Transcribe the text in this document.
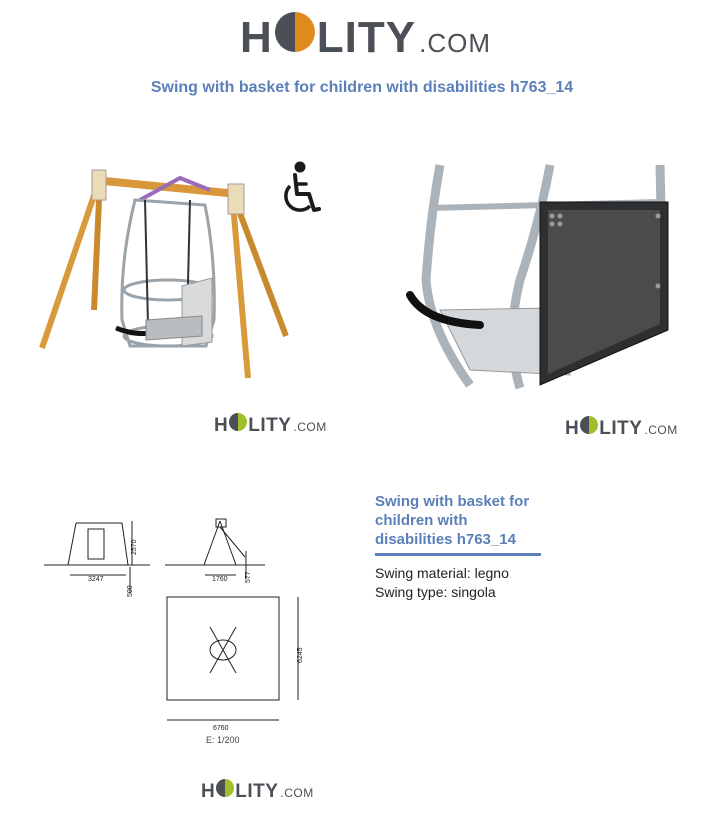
H LITY .COM
Swing with basket for children with disabilities h763_14
H LITY .COM	H LITY .COM
2570
3247
500
1760 577
6245
6760
E: 1/200
H LITY .COM
Swing with basket for children with disabilities h763_14
Swing material: legno
Swing type: singola
